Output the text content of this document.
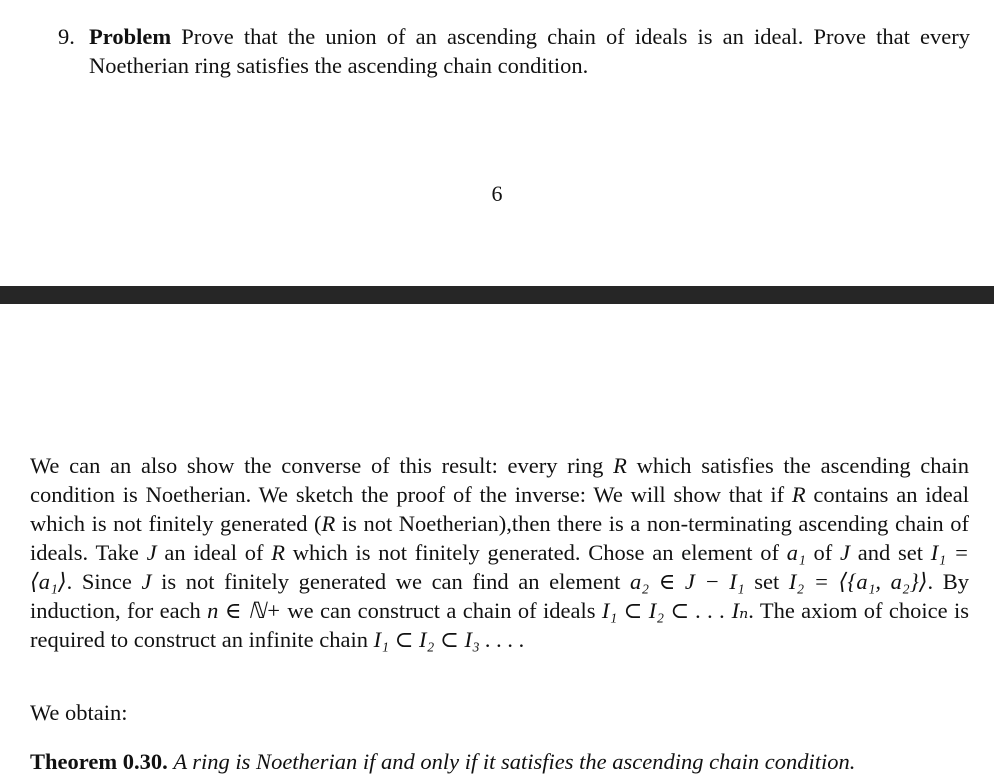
9. Problem Prove that the union of an ascending chain of ideals is an ideal. Prove that every Noetherian ring satisfies the ascending chain condition.
6
We can an also show the converse of this result: every ring R which satisfies the ascending chain condition is Noetherian. We sketch the proof of the inverse: We will show that if R contains an ideal which is not finitely generated (R is not Noetherian),then there is a non-terminating ascending chain of ideals. Take J an ideal of R which is not finitely generated. Chose an element of a₁ of J and set I₁ = ⟨a₁⟩. Since J is not finitely generated we can find an element a₂ ∈ J − I₁ set I₂ = ⟨{a₁, a₂}⟩. By induction, for each n ∈ ℕ+ we can construct a chain of ideals I₁ ⊂ I₂ ⊂ . . . Iₙ. The axiom of choice is required to construct an infinite chain I₁ ⊂ I₂ ⊂ I₃ . . . .
We obtain:
Theorem 0.30. A ring is Noetherian if and only if it satisfies the ascending chain condition.
